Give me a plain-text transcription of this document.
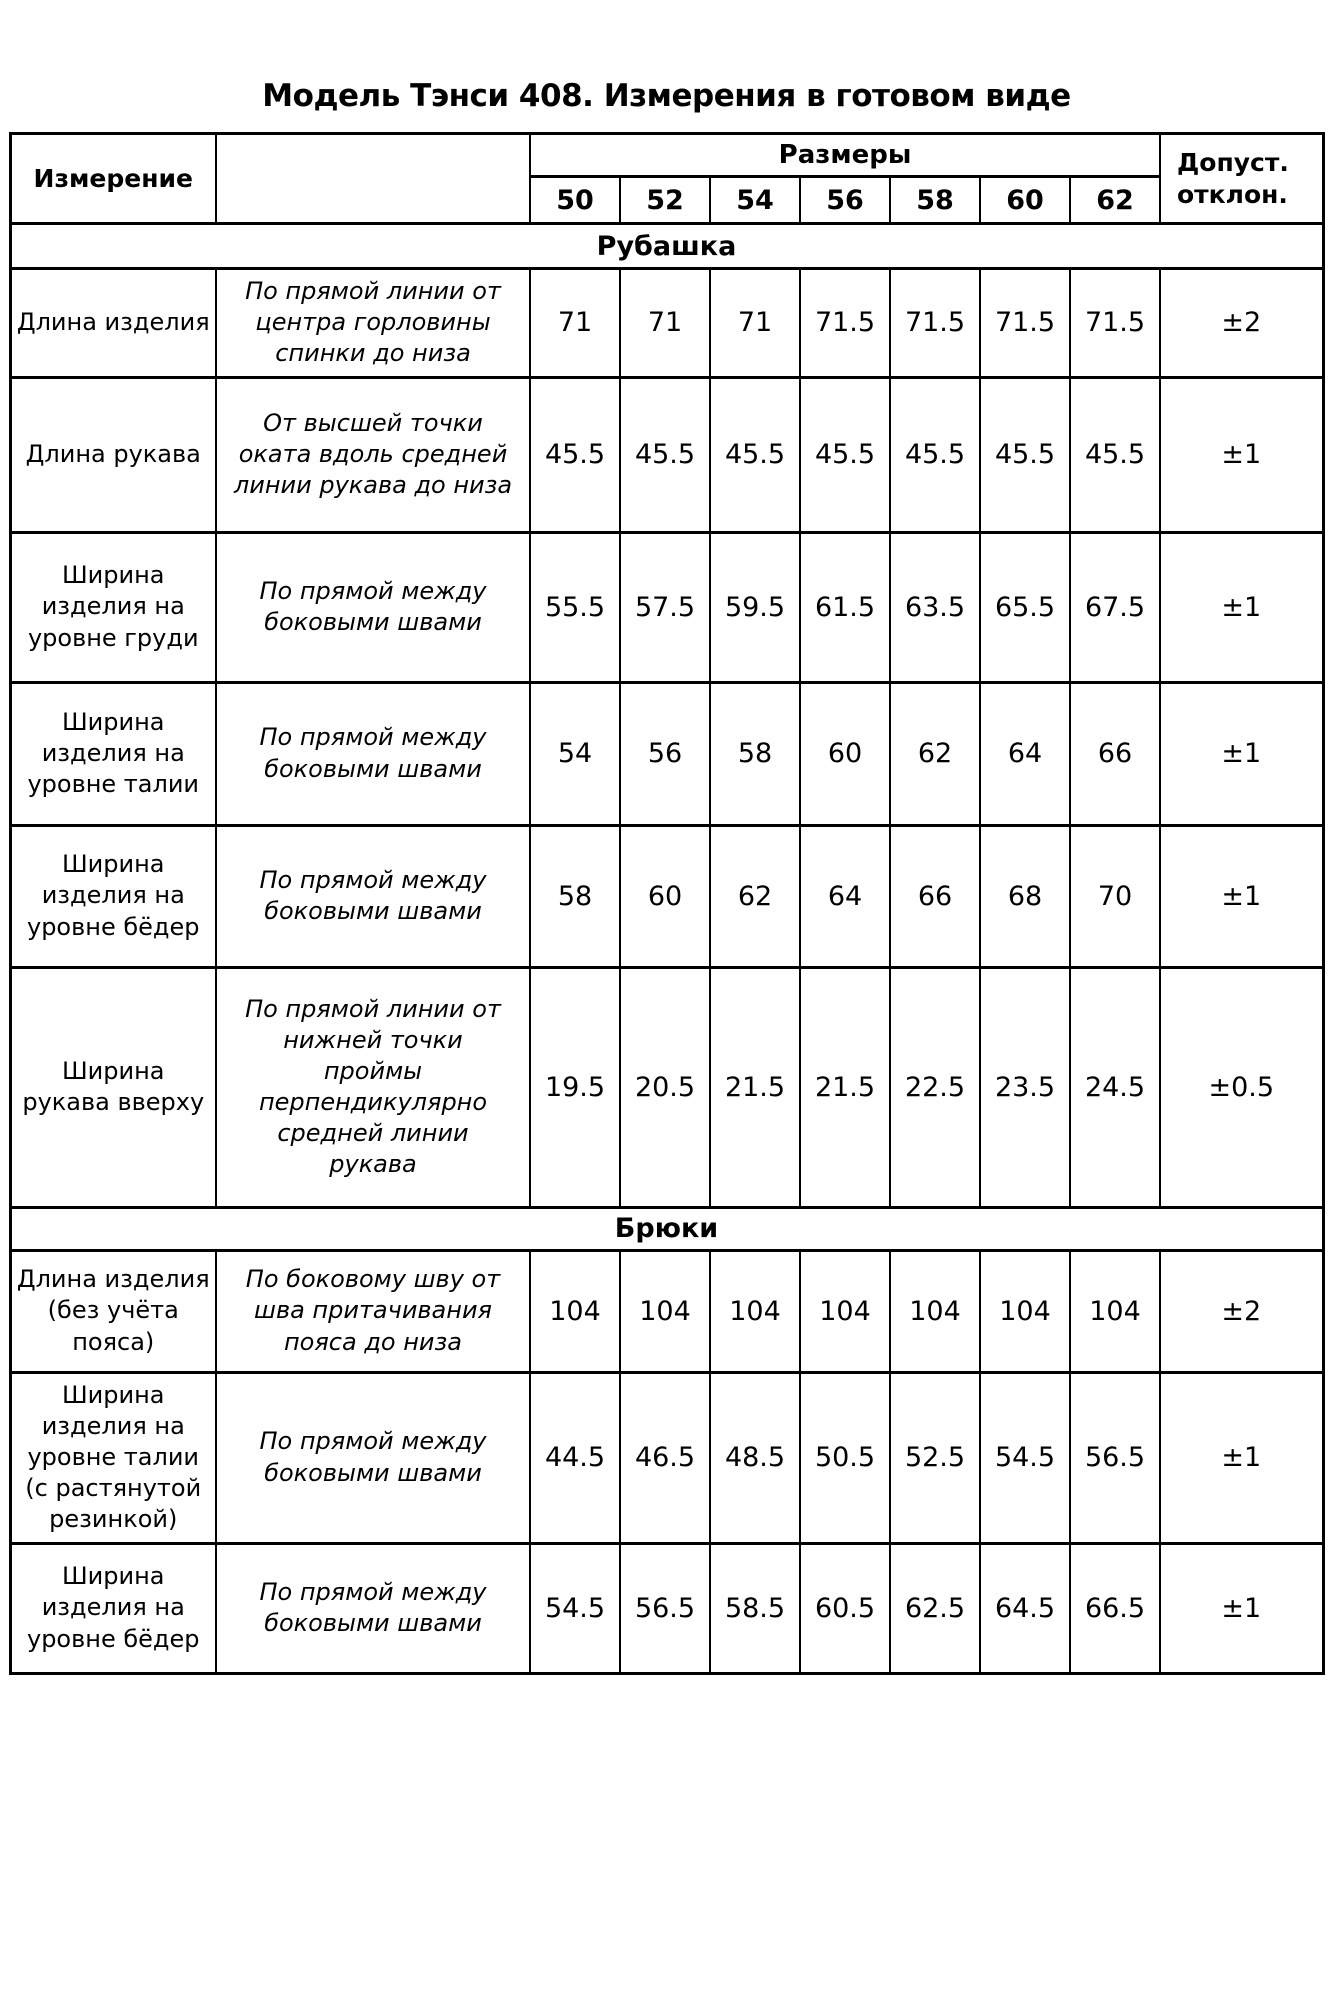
Модель Тэнси 408. Измерения в готовом виде
Измерение		Размеры							Допуст. отклон.
		50	52	54	56	58	60	62	
Рубашка									
Длина изделия	По прямой линии от центра горловины спинки до низа	71	71	71	71.5	71.5	71.5	71.5	±2
Длина рукава	От высшей точки оката вдоль средней линии рукава до низа	45.5	45.5	45.5	45.5	45.5	45.5	45.5	±1
Ширина изделия на уровне груди	По прямой между боковыми швами	55.5	57.5	59.5	61.5	63.5	65.5	67.5	±1
Ширина изделия на уровне талии	По прямой между боковыми швами	54	56	58	60	62	64	66	±1
Ширина изделия на уровне бёдер	По прямой между боковыми швами	58	60	62	64	66	68	70	±1
Ширина рукава вверху	По прямой линии от нижней точки проймы перпендикулярно средней линии рукава	19.5	20.5	21.5	21.5	22.5	23.5	24.5	±0.5
Брюки									
Длина изделия (без учёта пояса)	По боковому шву от шва притачивания пояса до низа	104	104	104	104	104	104	104	±2
Ширина изделия на уровне талии (с растянутой резинкой)	По прямой между боковыми швами	44.5	46.5	48.5	50.5	52.5	54.5	56.5	±1
Ширина изделия на уровне бёдер	По прямой между боковыми швами	54.5	56.5	58.5	60.5	62.5	64.5	66.5	±1
